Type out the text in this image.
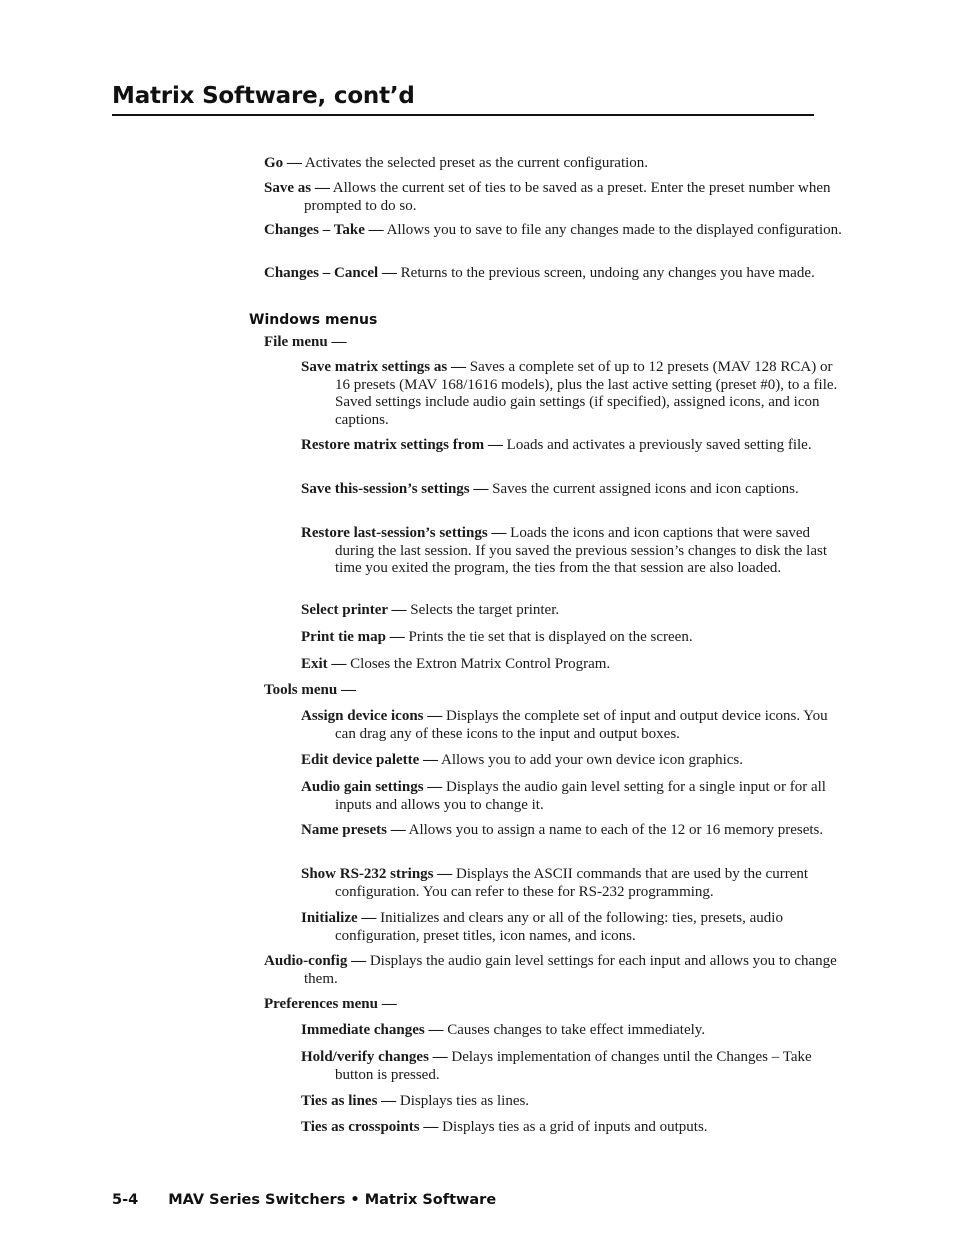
Matrix Software, cont’d

Go — Activates the selected preset as the current configuration.

Save as — Allows the current set of ties to be saved as a preset. Enter the preset number when prompted to do so.

Changes – Take — Allows you to save to file any changes made to the displayed configuration.

Changes – Cancel — Returns to the previous screen, undoing any changes you have made.

Windows menus

File menu —

Save matrix settings as — Saves a complete set of up to 12 presets (MAV 128 RCA) or 16 presets (MAV 168/1616 models), plus the last active setting (preset #0), to a file. Saved settings include audio gain settings (if specified), assigned icons, and icon captions.

Restore matrix settings from — Loads and activates a previously saved setting file.

Save this-session’s settings — Saves the current assigned icons and icon captions.

Restore last-session’s settings — Loads the icons and icon captions that were saved during the last session. If you saved the previous session’s changes to disk the last time you exited the program, the ties from the that session are also loaded.

Select printer — Selects the target printer.

Print tie map — Prints the tie set that is displayed on the screen.

Exit — Closes the Extron Matrix Control Program.

Tools menu —

Assign device icons — Displays the complete set of input and output device icons. You can drag any of these icons to the input and output boxes.

Edit device palette — Allows you to add your own device icon graphics.

Audio gain settings — Displays the audio gain level setting for a single input or for all inputs and allows you to change it.

Name presets — Allows you to assign a name to each of the 12 or 16 memory presets.

Show RS-232 strings — Displays the ASCII commands that are used by the current configuration. You can refer to these for RS-232 programming.

Initialize — Initializes and clears any or all of the following: ties, presets, audio configuration, preset titles, icon names, and icons.

Audio-config — Displays the audio gain level settings for each input and allows you to change them.

Preferences menu —

Immediate changes — Causes changes to take effect immediately.

Hold/verify changes — Delays implementation of changes until the Changes – Take button is pressed.

Ties as lines — Displays ties as lines.

Ties as crosspoints — Displays ties as a grid of inputs and outputs.

5-4 MAV Series Switchers • Matrix Software
